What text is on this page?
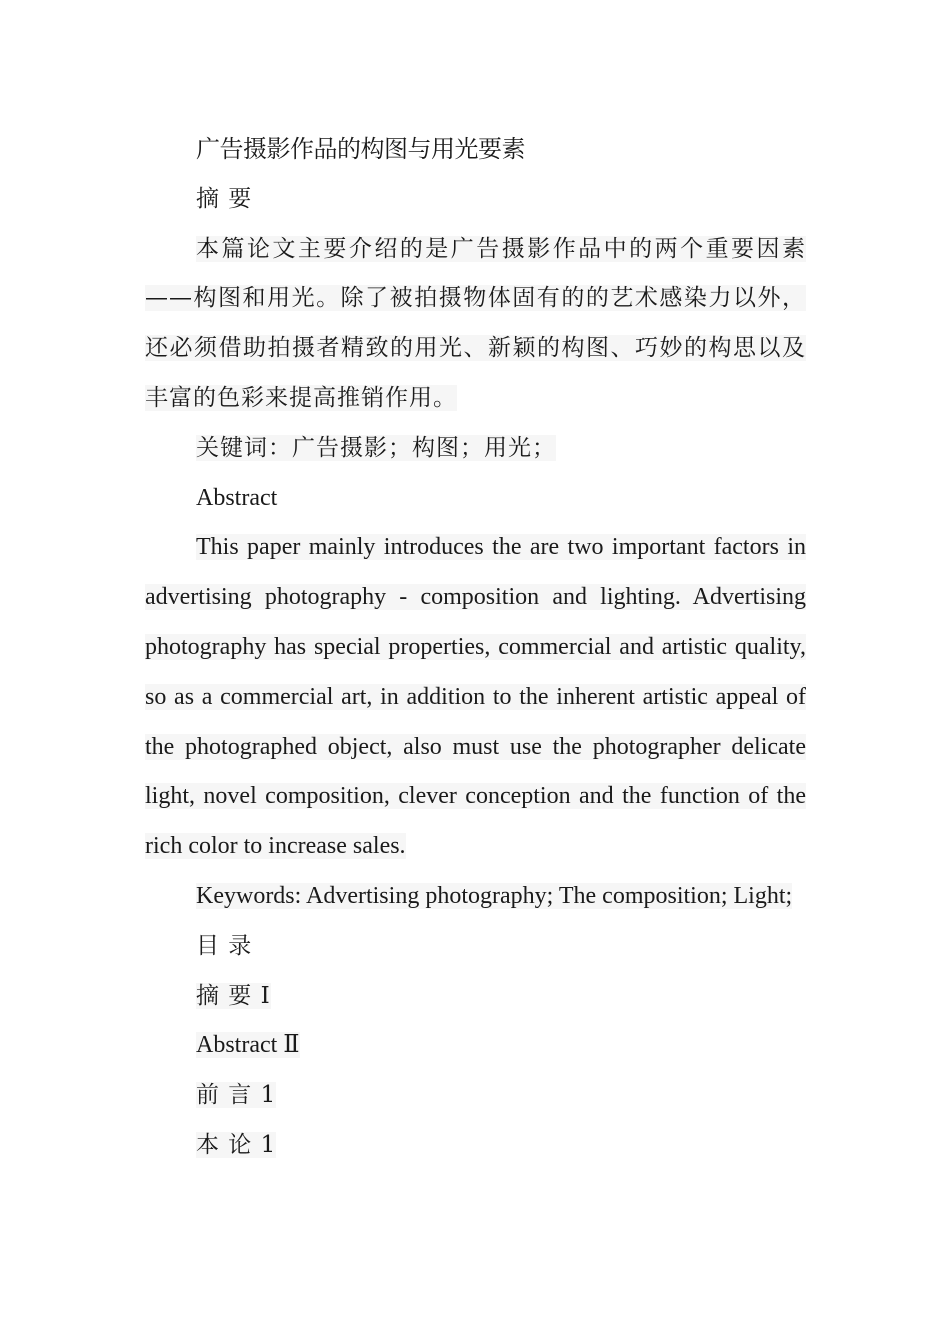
广告摄影作品的构图与用光要素
摘 要

本篇论文主要介绍的是广告摄影作品中的两个重要因素——构图和用光。除了被拍摄物体固有的的艺术感染力以外，还必须借助拍摄者精致的用光、新颖的构图、巧妙的构思以及丰富的色彩来提高推销作用。

关键词：广告摄影；构图；用光；
Abstract

This paper mainly introduces the are two important factors in advertising photography - composition and lighting. Advertising photography has special properties, commercial and artistic quality, so as a commercial art, in addition to the inherent artistic appeal of the photographed object, also must use the photographer delicate light, novel composition, clever conception and the function of the rich color to increase sales.

Keywords: Advertising photography; The composition; Light;

目 录
摘 要 Ⅰ
Abstract Ⅱ
前 言 1
本 论 1
